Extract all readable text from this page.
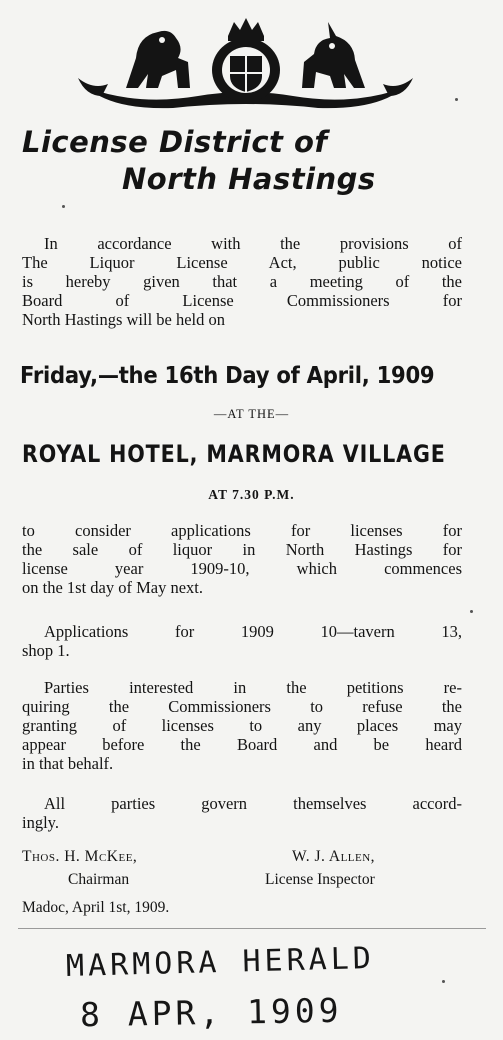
License District of
North Hastings
In accordance with the provisions of
The Liquor License Act, public notice
is hereby given that a meeting of the
Board of License Commissioners for
North Hastings will be held on
Friday,—the 16th Day of April, 1909
—AT THE—
ROYAL HOTEL, MARMORA VILLAGE
AT 7.30 P.M.
to consider applications for licenses for
the sale of liquor in North Hastings for
license year 1909-10, which commences
on the 1st day of May next.
Applications for 1909 10—tavern 13,
shop 1.
Parties interested in the petitions re-
quiring the Commissioners to refuse the
granting of licenses to any places may
appear before the Board and be heard
in that behalf.
All parties govern themselves accord-
ingly.
Thos. H. McKee,
Chairman
W. J. Allen,
License Inspector
Madoc, April 1st, 1909.
MARMORA HERALD
8 APR, 1909
